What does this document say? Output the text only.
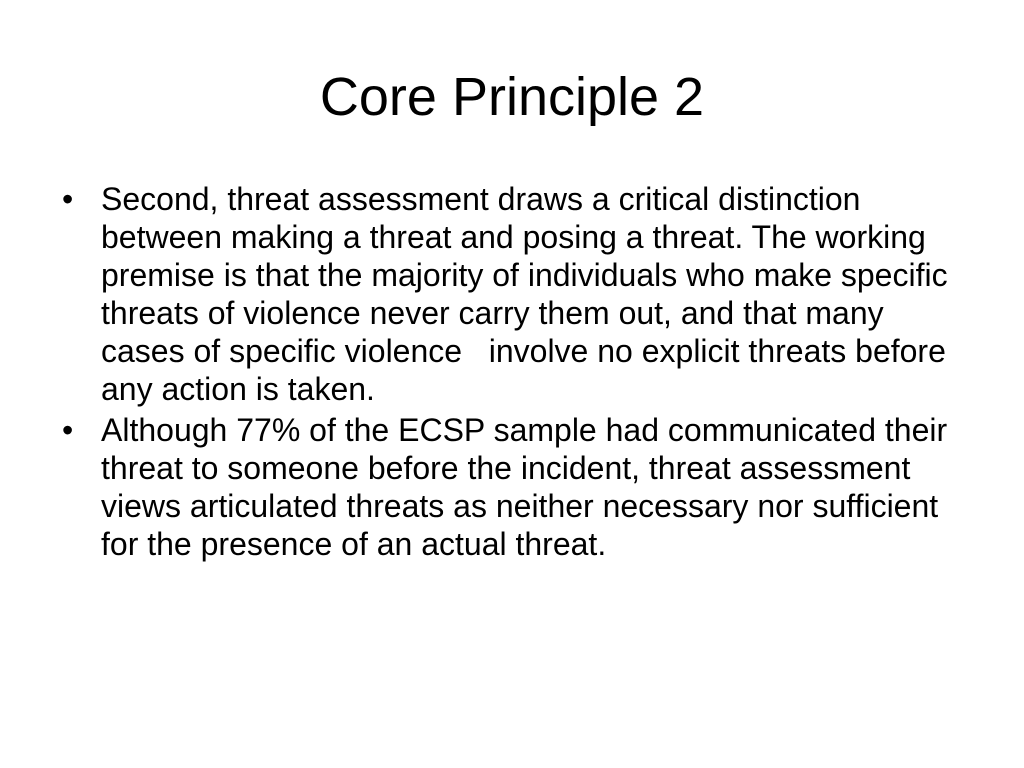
Core Principle 2
• Second, threat assessment draws a critical distinction between making a threat and posing a threat. The working premise is that the majority of individuals who make specific threats of violence never carry them out, and that many cases of specific violence   involve no explicit threats before any action is taken.
• Although 77% of the ECSP sample had communicated their threat to someone before the incident, threat assessment views articulated threats as neither necessary nor sufficient for the presence of an actual threat.
